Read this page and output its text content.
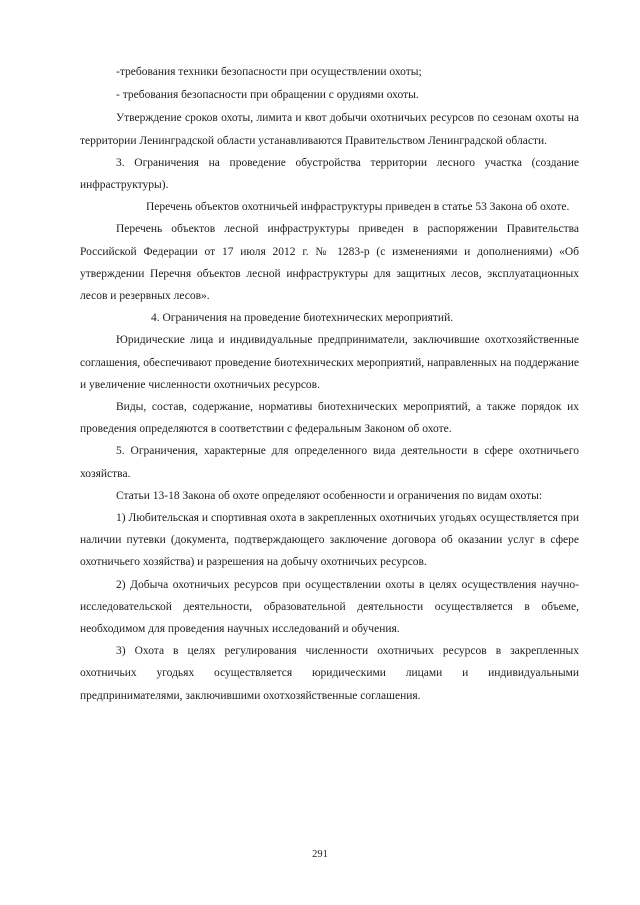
-требования техники безопасности при осуществлении охоты;

- требования безопасности при обращении с орудиями охоты.

Утверждение сроков охоты, лимита и квот добычи охотничьих ресурсов по сезонам охоты на территории Ленинградской области устанавливаются Правительством Ленинградской области.

3. Ограничения на проведение обустройства территории лесного участка (создание инфраструктуры).

Перечень объектов охотничьей инфраструктуры приведен в статье 53 Закона об охоте.

Перечень объектов лесной инфраструктуры приведен в распоряжении Правительства Российской Федерации от 17 июля 2012 г. № 1283-р (с изменениями и дополнениями) «Об утверждении Перечня объектов лесной инфраструктуры для защитных лесов, эксплуатационных лесов и резервных лесов».

4. Ограничения на проведение биотехнических мероприятий.

Юридические лица и индивидуальные предприниматели, заключившие охотхозяйственные соглашения, обеспечивают проведение биотехнических мероприятий, направленных на поддержание и увеличение численности охотничьих ресурсов.

Виды, состав, содержание, нормативы биотехнических мероприятий, а также порядок их проведения определяются в соответствии с федеральным Законом об охоте.

5. Ограничения, характерные для определенного вида деятельности в сфере охотничьего хозяйства.

Статьи 13-18 Закона об охоте определяют особенности и ограничения по видам охоты:

1) Любительская и спортивная охота в закрепленных охотничьих угодьях осуществляется при наличии путевки (документа, подтверждающего заключение договора об оказании услуг в сфере охотничьего хозяйства) и разрешения на добычу охотничьих ресурсов.

2) Добыча охотничьих ресурсов при осуществлении охоты в целях осуществления научно-исследовательской деятельности, образовательной деятельности осуществляется в объеме, необходимом для проведения научных исследований и обучения.

3) Охота в целях регулирования численности охотничьих ресурсов в закрепленных охотничьих угодьях осуществляется юридическими лицами и индивидуальными предпринимателями, заключившими охотхозяйственные соглашения.

291
